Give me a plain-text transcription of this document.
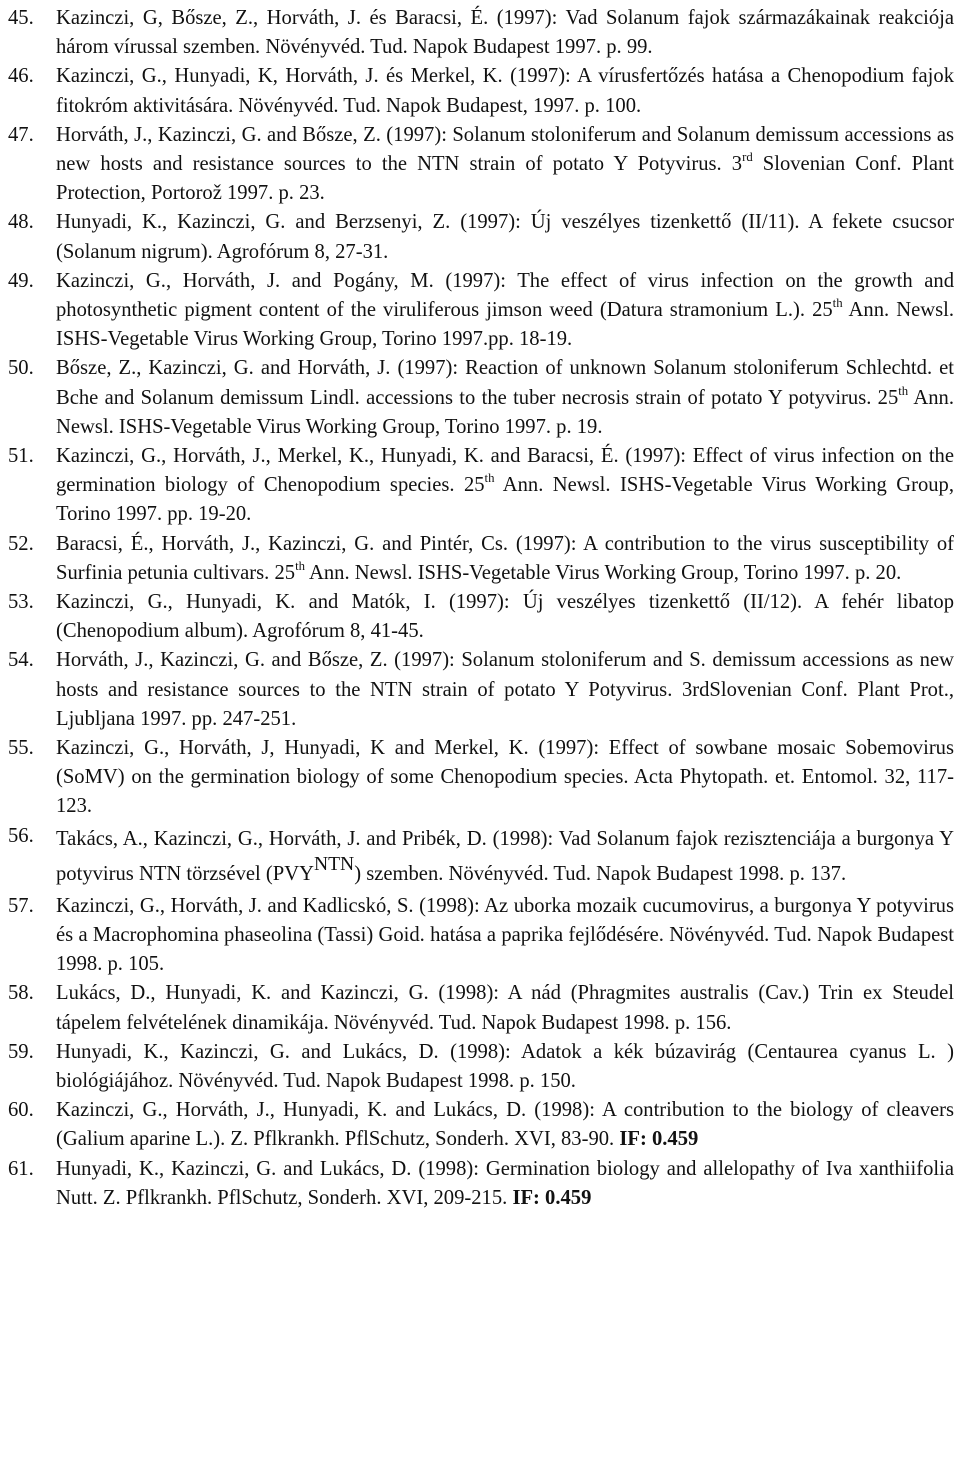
45.	Kazinczi, G, Bősze, Z., Horváth, J. és Baracsi, É. (1997): Vad Solanum fajok származákainak reakciója három vírussal szemben. Növényvéd. Tud. Napok Budapest 1997. p. 99.
46.	Kazinczi, G., Hunyadi, K, Horváth, J. és Merkel, K. (1997): A vírusfertőzés hatása a Chenopodium fajok fitokróm aktivitására. Növényvéd. Tud. Napok Budapest, 1997. p. 100.
47.	Horváth, J., Kazinczi, G. and Bősze, Z. (1997): Solanum stoloniferum and Solanum demissum accessions as new hosts and resistance sources to the NTN strain of potato Y Potyvirus. 3rd Slovenian Conf. Plant Protection, Portorož 1997. p. 23.
48.	Hunyadi, K., Kazinczi, G. and Berzsenyi, Z. (1997): Új veszélyes tizenkettő (II/11). A fekete csucsor (Solanum nigrum). Agrofórum 8, 27-31.
49.	Kazinczi, G., Horváth, J. and Pogány, M. (1997): The effect of virus infection on the growth and photosynthetic pigment content of the viruliferous jimson weed (Datura stramonium L.). 25th Ann. Newsl. ISHS-Vegetable Virus Working Group, Torino 1997.pp. 18-19.
50.	Bősze, Z., Kazinczi, G. and Horváth, J. (1997): Reaction of unknown Solanum stoloniferum Schlechtd. et Bche and Solanum demissum Lindl. accessions to the tuber necrosis strain of potato Y potyvirus. 25th Ann. Newsl. ISHS-Vegetable Virus Working Group, Torino 1997. p. 19.
51.	Kazinczi, G., Horváth, J., Merkel, K., Hunyadi, K. and Baracsi, É. (1997): Effect of virus infection on the germination biology of Chenopodium species. 25th Ann. Newsl. ISHS-Vegetable Virus Working Group, Torino 1997. pp. 19-20.
52.	Baracsi, É., Horváth, J., Kazinczi, G. and Pintér, Cs. (1997): A contribution to the virus susceptibility of Surfinia petunia cultivars. 25th Ann. Newsl. ISHS-Vegetable Virus Working Group, Torino 1997. p. 20.
53.	Kazinczi, G., Hunyadi, K. and Matók, I. (1997): Új veszélyes tizenkettő (II/12). A fehér libatop (Chenopodium album). Agrofórum 8, 41-45.
54.	Horváth, J., Kazinczi, G. and Bősze, Z. (1997): Solanum stoloniferum and S. demissum accessions as new hosts and resistance sources to the NTN strain of potato Y Potyvirus. 3rdSlovenian Conf. Plant Prot., Ljubljana 1997. pp. 247-251.
55.	Kazinczi, G., Horváth, J, Hunyadi, K and Merkel, K. (1997): Effect of sowbane mosaic Sobemovirus (SoMV) on the germination biology of some Chenopodium species. Acta Phytopath. et. Entomol. 32, 117-123.
56.	Takács, A., Kazinczi, G., Horváth, J. and Pribék, D. (1998): Vad Solanum fajok rezisztenciája a burgonya Y potyvirus NTN törzsével $(PVY^{NTN})$ szemben. Növényvéd. Tud. Napok Budapest 1998. p. 137.
57.	Kazinczi, G., Horváth, J. and Kadlicskó, S. (1998): Az uborka mozaik cucumovirus, a burgonya Y potyvirus és a Macrophomina phaseolina (Tassi) Goid. hatása a paprika fejlődésére. Növényvéd. Tud. Napok Budapest 1998. p. 105.
58.	Lukács, D., Hunyadi, K. and Kazinczi, G. (1998): A nád (Phragmites australis (Cav.) Trin ex Steudel tápelem felvételének dinamikája. Növényvéd. Tud. Napok Budapest 1998. p. 156.
59.	Hunyadi, K., Kazinczi, G. and Lukács, D. (1998): Adatok a kék búzavirág (Centaurea cyanus L. ) biológiájához. Növényvéd. Tud. Napok Budapest 1998. p. 150.
60.	Kazinczi, G., Horváth, J., Hunyadi, K. and Lukács, D. (1998): A contribution to the biology of cleavers (Galium aparine L.). Z. Pflkrankh. PflSchutz, Sonderh. XVI, 83-90. IF: 0.459
61.	Hunyadi, K., Kazinczi, G. and Lukács, D. (1998): Germination biology and allelopathy of Iva xanthiifolia Nutt. Z. Pflkrankh. PflSchutz, Sonderh. XVI, 209-215. IF: 0.459
